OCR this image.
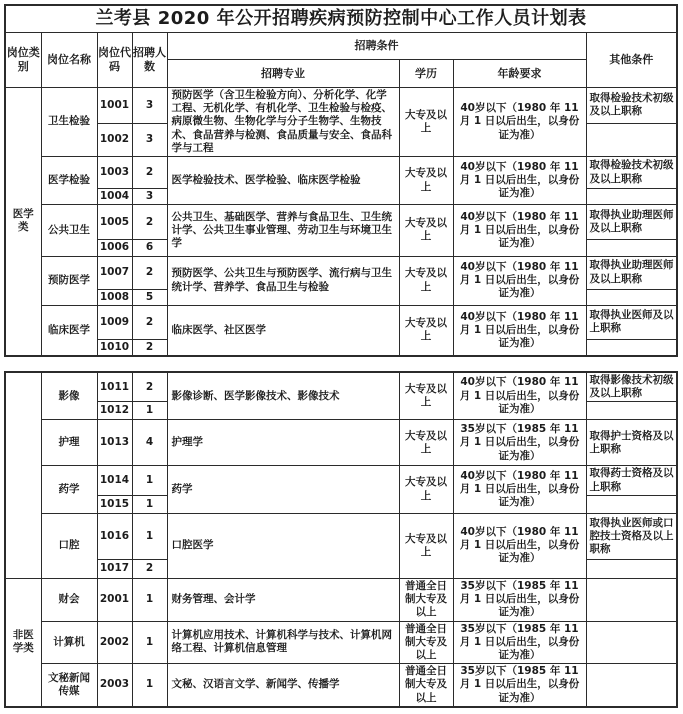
兰考县 2020 年公开招聘疾病预防控制中心工作人员计划表							
岗位类别	岗位名称	岗位代码	招聘人数	招聘条件			其他条件
				招聘专业	学历	年龄要求	
医学类	卫生检验	1001	3	预防医学（含卫生检验方向）、分析化学、化学工程、无机化学、有机化学、卫生检验与检疫、病原微生物、生物化学与分子生物学、生物技术、食品营养与检测、食品质量与安全、食品科学与工程	大专及以上	40岁以下（1980 年 11 月 1 日以后出生，以身份证为准）	取得检验技术初级及以上职称
		1002	3				
	医学检验	1003	2	医学检验技术、医学检验、临床医学检验	大专及以上	40岁以下（1980 年 11 月 1 日以后出生，以身份证为准）	取得检验技术初级及以上职称
		1004	3				
	公共卫生	1005	2	公共卫生、基础医学、营养与食品卫生、卫生统计学、公共卫生事业管理、劳动卫生与环境卫生学	大专及以上	40岁以下（1980 年 11 月 1 日以后出生，以身份证为准）	取得执业助理医师及以上职称
		1006	6				
	预防医学	1007	2	预防医学、公共卫生与预防医学、流行病与卫生统计学、营养学、食品卫生与检验	大专及以上	40岁以下（1980 年 11 月 1 日以后出生，以身份证为准）	取得执业助理医师及以上职称
		1008	5				
	临床医学	1009	2	临床医学、社区医学	大专及以上	40岁以下（1980 年 11 月 1 日以后出生，以身份证为准）	取得执业医师及以上职称
		1010	2				
	影像	1011	2	影像诊断、医学影像技术、影像技术	大专及以上	40岁以下（1980 年 11 月 1 日以后出生，以身份证为准）	取得影像技术初级及以上职称
		1012	1				
	护理	1013	4	护理学	大专及以上	35岁以下（1985 年 11 月 1 日以后出生，以身份证为准）	取得护士资格及以上职称
	药学	1014	1	药学	大专及以上	40岁以下（1980 年 11 月 1 日以后出生，以身份证为准）	取得药士资格及以上职称
		1015	1				
	口腔	1016	1	口腔医学	大专及以上	40岁以下（1980 年 11 月 1 日以后出生，以身份证为准）	取得执业医师或口腔技士资格及以上职称
		1017	2				
非医学类	财会	2001	1	财务管理、会计学	普通全日制大专及以上	35岁以下（1985 年 11 月 1 日以后出生，以身份证为准）	
	计算机	2002	1	计算机应用技术、计算机科学与技术、计算机网络工程、计算机信息管理	普通全日制大专及以上	35岁以下（1985 年 11 月 1 日以后出生，以身份证为准）	
	文秘新闻传媒	2003	1	文秘、汉语言文学、新闻学、传播学	普通全日制大专及以上	35岁以下（1985 年 11 月 1 日以后出生，以身份证为准）	
